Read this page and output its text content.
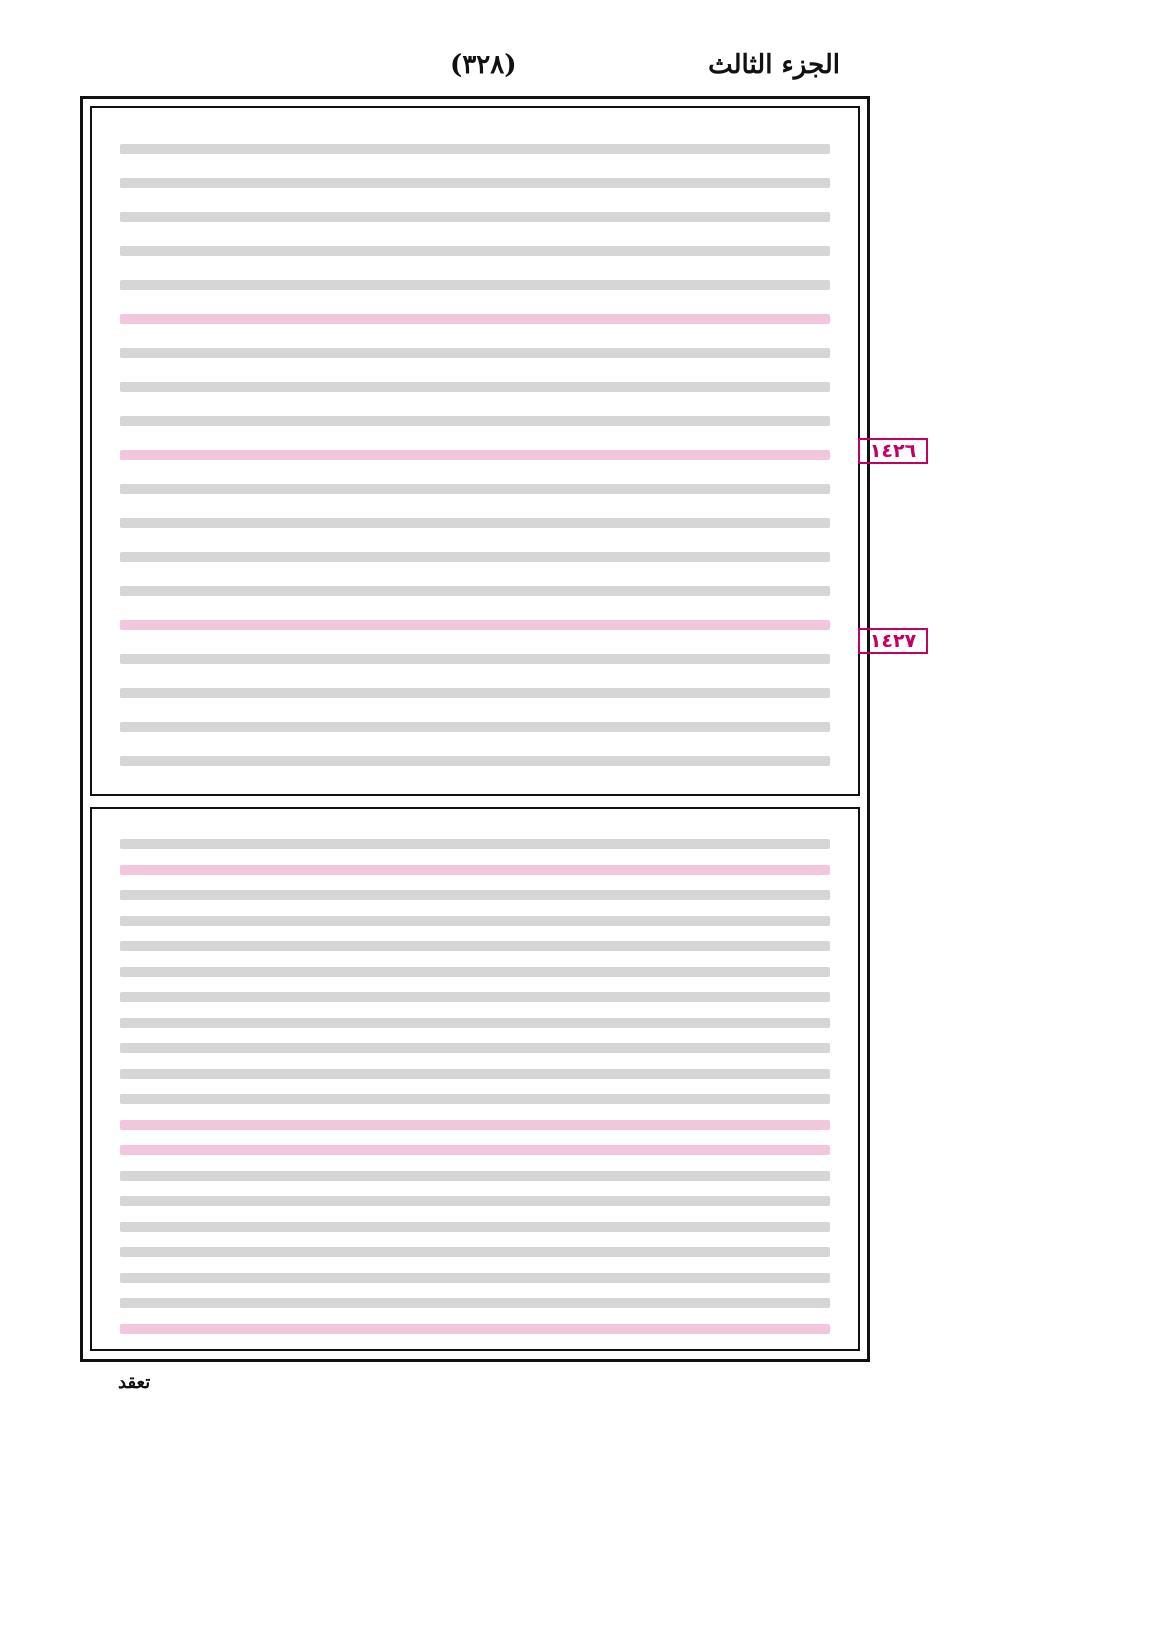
الجزء الثالث
(٣٢٨)
١٤٢٦
١٤٢٧
تعقد
